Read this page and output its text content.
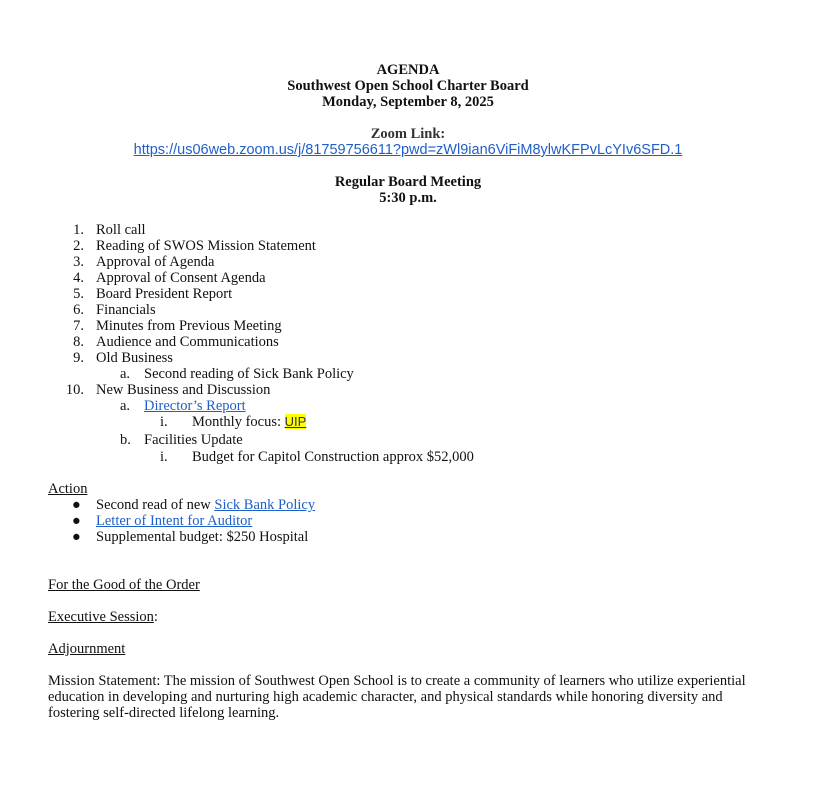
AGENDA
Southwest Open School Charter Board
Monday, September 8, 2025
Zoom Link:
https://us06web.zoom.us/j/81759756611?pwd=zWl9ian6ViFiM8ylwKFPvLcYIv6SFD.1
Regular Board Meeting
5:30 p.m.
1. Roll call
2. Reading of SWOS Mission Statement
3. Approval of Agenda
4. Approval of Consent Agenda
5. Board President Report
6. Financials
7. Minutes from Previous Meeting
8. Audience and Communications
9. Old Business
10. New Business and Discussion
a. Second reading of Sick Bank Policy
a. Director’s Report
i. Monthly focus: UIP
b. Facilities Update
i. Budget for Capitol Construction approx $52,000
Action
● Second read of new Sick Bank Policy
● Letter of Intent for Auditor
● Supplemental budget: $250 Hospital
For the Good of the Order
Executive Session:
Adjournment
Mission Statement: The mission of Southwest Open School is to create a community of learners who utilize experiential education in developing and nurturing high academic character, and physical standards while honoring diversity and fostering self-directed lifelong learning.
